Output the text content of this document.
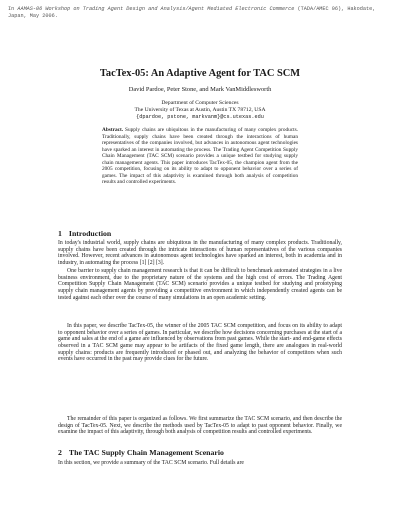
In AAMAS-06 Workshop on Trading Agent Design and Analysis/Agent Mediated Electronic Commerce (TADA/AMEC 06), Hakodate, Japan, May 2006.
TacTex-05: An Adaptive Agent for TAC SCM
David Pardoe, Peter Stone, and Mark VanMiddlesworth
Department of Computer Sciences
The University of Texas at Austin, Austin TX 78712, USA
{dpardoe, pstone, markvanm}@cs.utexas.edu

Abstract. Supply chains are ubiquitous in the manufacturing of many complex products. Traditionally, supply chains have been created through the interactions of human representatives of the companies involved, but advances in autonomous agent technologies have sparked an interest in automating the process. The Trading Agent Competition Supply Chain Management (TAC SCM) scenario provides a unique testbed for studying supply chain management agents. This paper introduces TacTex-05, the champion agent from the 2005 competition, focusing on its ability to adapt to opponent behavior over a series of games. The impact of this adaptivity is examined through both analysis of competition results and controlled experiments.

1 Introduction

In today's industrial world, supply chains are ubiquitous in the manufacturing of many complex products. Traditionally, supply chains have been created through the intricate interactions of human representatives of the various companies involved. However, recent advances in autonomous agent technologies have sparked an interest, both in academia and in industry, in automating the process [1] [2] [3].

One barrier to supply chain management research is that it can be difficult to benchmark automated strategies in a live business environment, due to the proprietary nature of the systems and the high cost of errors. The Trading Agent Competition Supply Chain Management (TAC SCM) scenario provides a unique testbed for studying and prototyping supply chain management agents by providing a competitive environment in which independently created agents can be tested against each other over the course of many simulations in an open academic setting.

In this paper, we describe TacTex-05, the winner of the 2005 TAC SCM competition, and focus on its ability to adapt to opponent behavior over a series of games. In particular, we describe how decisions concerning purchases at the start of a game and sales at the end of a game are influenced by observations from past games. While the start- and end-game effects observed in a TAC SCM game may appear to be artifacts of the fixed game length, there are analogues in real-world supply chains: products are frequently introduced or phased out, and analyzing the behavior of competitors when such events have occurred in the past may provide clues for the future.

The remainder of this paper is organized as follows. We first summarize the TAC SCM scenario, and then describe the design of TacTex-05. Next, we describe the methods used by TacTex-05 to adapt to past opponent behavior. Finally, we examine the impact of this adaptivity, through both analysis of competition results and controlled experiments.

2 The TAC Supply Chain Management Scenario

In this section, we provide a summary of the TAC SCM scenario. Full details are
